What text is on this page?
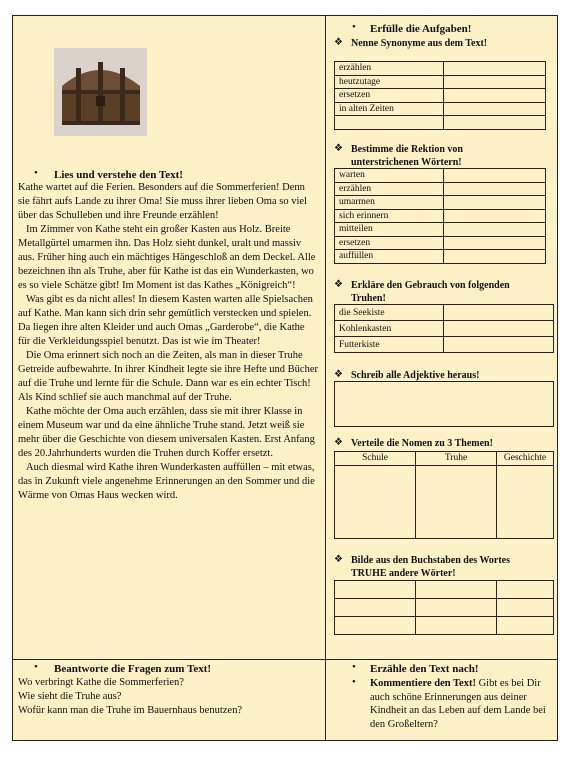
• Lies und verstehe den Text!

Kathe wartet auf die Ferien. Besonders auf die Sommerferien! Denn sie fährt aufs Lande zu ihrer Oma! Sie muss ihrer lieben Oma so viel über das Schulleben und ihre Freunde erzählen!

Im Zimmer von Kathe steht ein großer Kasten aus Holz. Breite Metallgürtel umarmen ihn. Das Holz sieht dunkel, uralt und massiv aus. Früher hing auch ein mächtiges Hängeschloß an dem Deckel. Alle bezeichnen ihn als Truhe, aber für Kathe ist das ein Wunderkasten, wo es so viele Schätze gibt! Im Moment ist das Kathes „Königreich“!

Was gibt es da nicht alles! In diesem Kasten warten alle Spielsachen auf Kathe. Man kann sich drin sehr gemütlich verstecken und spielen. Da liegen ihre alten Kleider und auch Omas „Garderobe“, die Kathe für die Verkleidungsspiel benutzt. Das ist wie im Theater!

Die Oma erinnert sich noch an die Zeiten, als man in dieser Truhe Getreide aufbewahrte. In ihrer Kindheit legte sie ihre Hefte und Bücher auf die Truhe und lernte für die Schule. Dann war es ein echter Tisch! Als Kind schlief sie auch manchmal auf der Truhe.

Kathe möchte der Oma auch erzählen, dass sie mit ihrer Klasse in einem Museum war und da eine ähnliche Truhe stand. Jetzt weiß sie mehr über die Geschichte von diesem universalen Kasten. Erst Anfang des 20.Jahrhunderts wurden die Truhen durch Koffer ersetzt.

Auch diesmal wird Kathe ihren Wunderkasten auffüllen – mit etwas, das in Zukunft viele angenehme Erinnerungen an den Sommer und die Wärme von Omas Haus wecken wird.

• Erfülle die Aufgaben!
❖ Nenne Synonyme aus dem Text!
erzählen	
heutzutage	
ersetzen	
in alten Zeiten	

❖ Bestimme die Rektion von
unterstrichenen Wörtern!
warten	
erzählen	
umarmen	
sich erinnern	
mitteilen	
ersetzen	
auffüllen	
❖ Erkläre den Gebrauch von folgenden
Truhen!
die Seekiste	
Kohlenkasten	
Futterkiste	
❖ Schreib alle Adjektive heraus!
❖ Verteile die Nomen zu 3 Themen!
Schule	Truhe	Geschichte

❖ Bilde aus den Buchstaben des Wortes
TRUHE andere Wörter!

• Beantworte die Fragen zum Text!
Wo verbringt Kathe die Sommerferien?
Wie sieht die Truhe aus?
Wofür kann man die Truhe im Bauernhaus benutzen?
• Erzähle den Text nach!
• Kommentiere den Text! Gibt es bei Dir auch schöne Erinnerungen aus deiner Kindheit an das Leben auf dem Lande bei den Großeltern?
